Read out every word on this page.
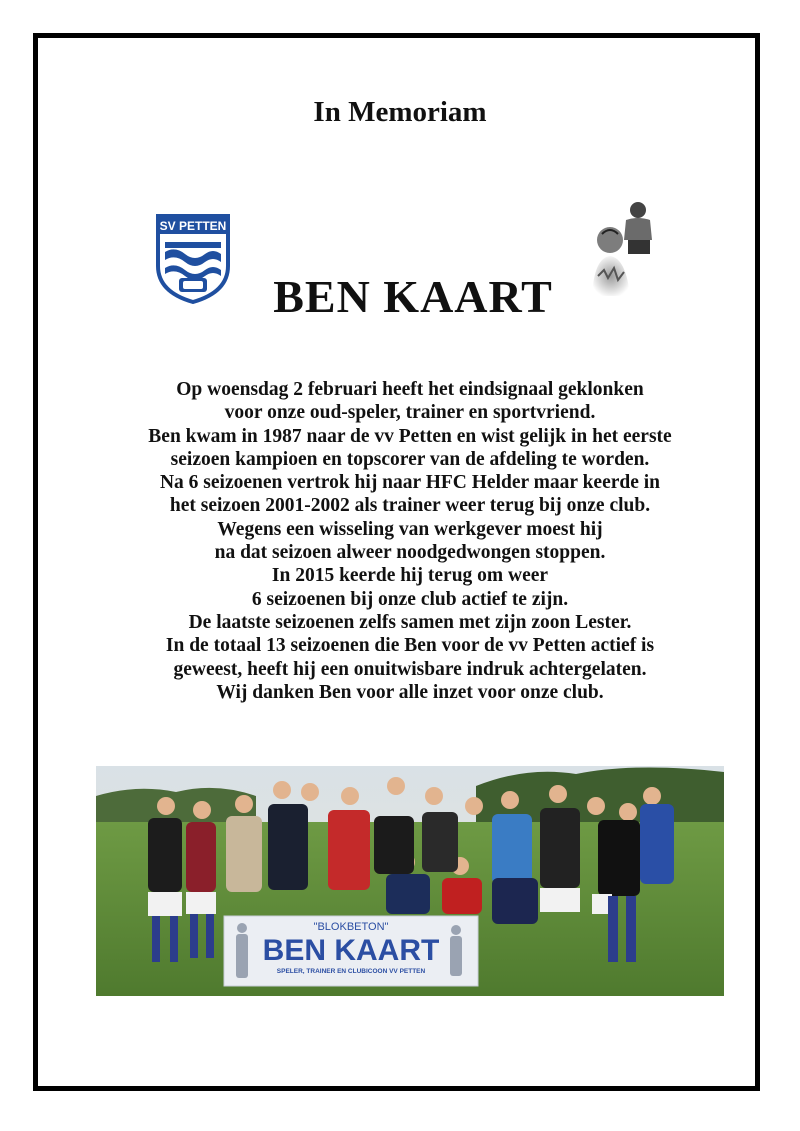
In Memoriam
SV PETTEN
BEN KAART
Op woensdag 2 februari heeft het eindsignaal geklonken
voor onze oud-speler, trainer en sportvriend.
Ben kwam in 1987 naar de vv Petten en wist gelijk in het eerste
seizoen kampioen en topscorer van de afdeling te worden.
Na 6 seizoenen vertrok hij naar HFC Helder maar keerde in
het seizoen 2001-2002 als trainer weer terug bij onze club.
Wegens een wisseling van werkgever moest hij
na dat seizoen alweer noodgedwongen stoppen.
In 2015 keerde hij terug om weer
6 seizoenen bij onze club actief te zijn.
De laatste seizoenen zelfs samen met zijn zoon Lester.
In de totaal 13 seizoenen die Ben voor de vv Petten actief is
geweest, heeft hij een onuitwisbare indruk achtergelaten.
Wij danken Ben voor alle inzet voor onze club.
"BLOKBETON"
BEN KAART
SPELER, TRAINER EN CLUBICOON VV PETTEN
